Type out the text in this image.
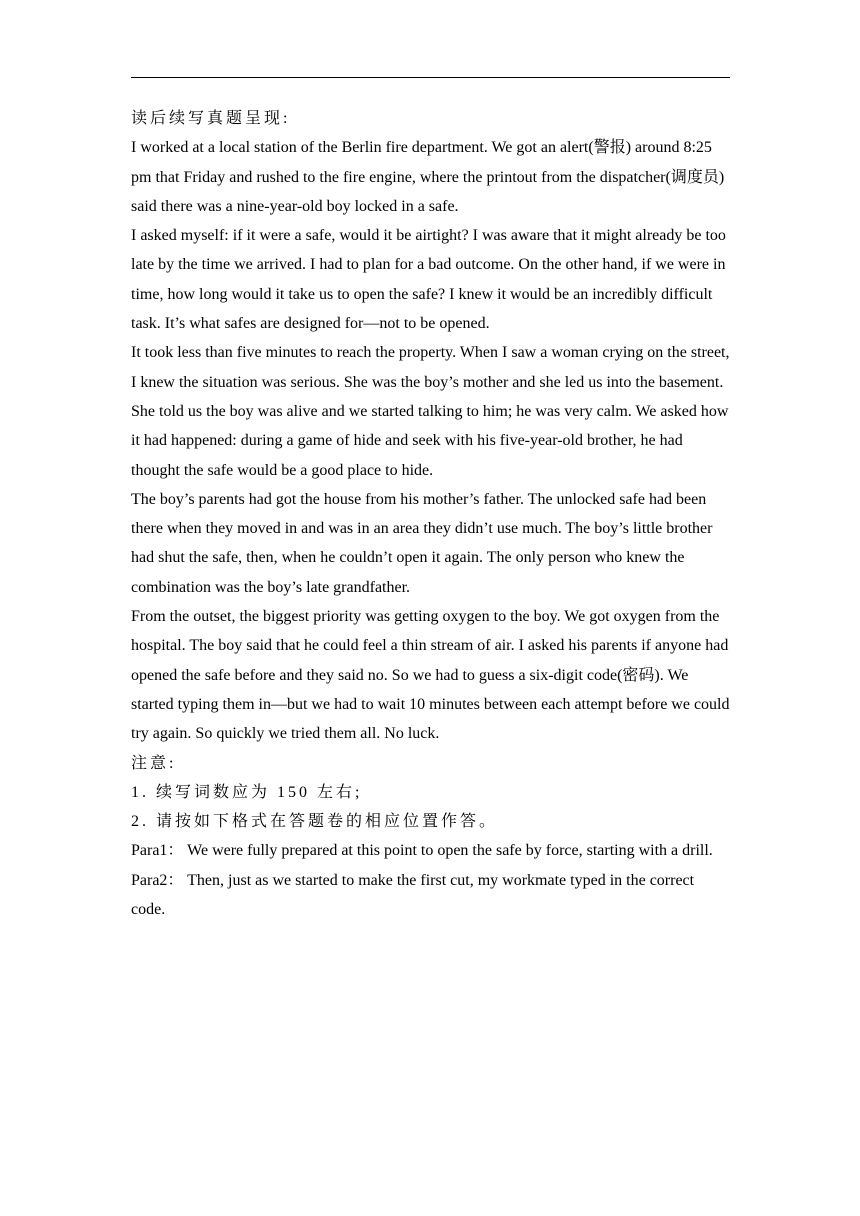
读后续写真题呈现:

I worked at a local station of the Berlin fire department. We got an alert(警报) around 8:25 pm that Friday and rushed to the fire engine, where the printout from the dispatcher(调度员) said there was a nine-year-old boy locked in a safe.

I asked myself: if it were a safe, would it be airtight? I was aware that it might already be too late by the time we arrived. I had to plan for a bad outcome. On the other hand, if we were in time, how long would it take us to open the safe? I knew it would be an incredibly difficult task. It’s what safes are designed for—not to be opened.

It took less than five minutes to reach the property. When I saw a woman crying on the street, I knew the situation was serious. She was the boy’s mother and she led us into the basement. She told us the boy was alive and we started talking to him; he was very calm. We asked how it had happened: during a game of hide and seek with his five-year-old brother, he had thought the safe would be a good place to hide.

The boy’s parents had got the house from his mother’s father. The unlocked safe had been there when they moved in and was in an area they didn’t use much. The boy’s little brother had shut the safe, then, when he couldn’t open it again. The only person who knew the combination was the boy’s late grandfather.

From the outset, the biggest priority was getting oxygen to the boy. We got oxygen from the hospital. The boy said that he could feel a thin stream of air. I asked his parents if anyone had opened the safe before and they said no. So we had to guess a six-digit code(密码). We started typing them in—but we had to wait 10 minutes between each attempt before we could try again. So quickly we tried them all. No luck.

注意:

1. 续写词数应为 150 左右;

2. 请按如下格式在答题卷的相应位置作答。

Para1： We were fully prepared at this point to open the safe by force, starting with a drill.

Para2： Then, just as we started to make the first cut, my workmate typed in the correct code.
